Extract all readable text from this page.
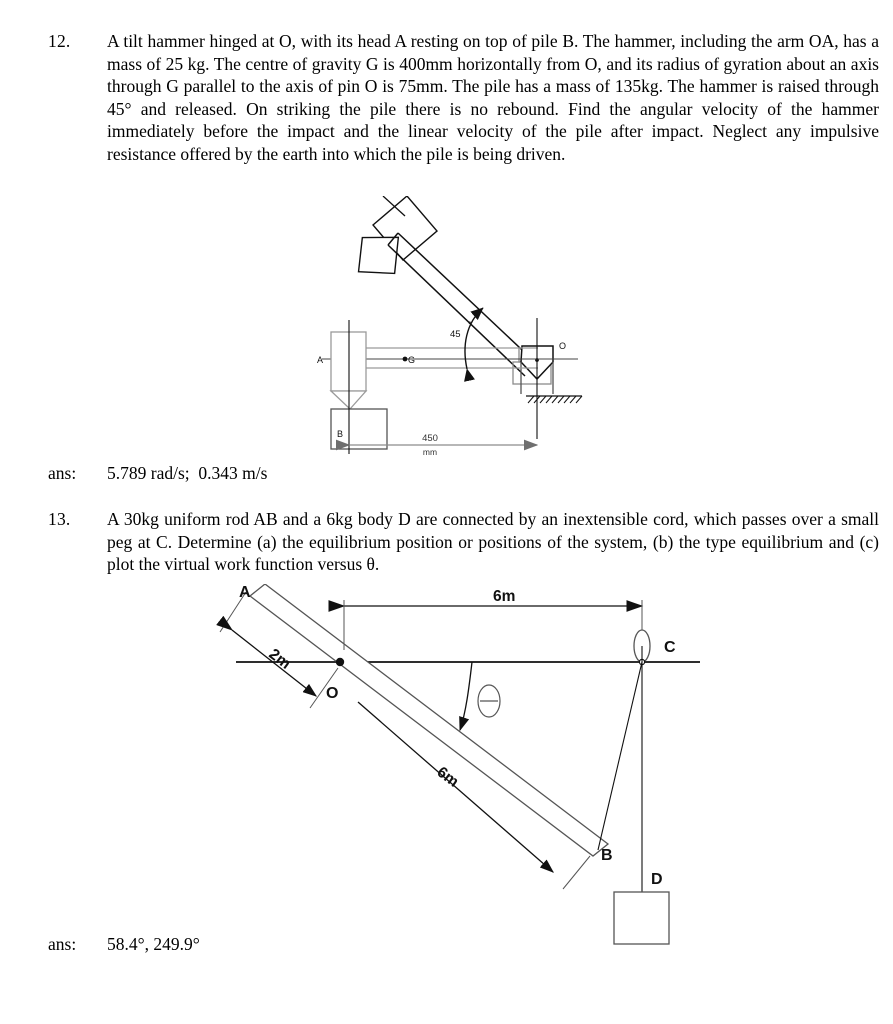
12. A tilt hammer hinged at O, with its head A resting on top of pile B. The hammer, including the arm OA, has a mass of 25 kg. The centre of gravity G is 400mm horizontally from O, and its radius of gyration about an axis through G parallel to the axis of pin O is 75mm. The pile has a mass of 135kg. The hammer is raised through 45° and released. On striking the pile there is no rebound. Find the angular velocity of the hammer immediately before the impact and the linear velocity of the pile after impact. Neglect any impulsive resistance offered by the earth into which the pile is being driven.

A
B
G
O
45
°
450
mm
ans: 5.789 rad/s;  0.343 m/s
13. A 30kg uniform rod AB and a 6kg body D are connected by an inextensible cord, which passes over a small peg at C. Determine (a) the equilibrium position or positions of the system, (b) the type equilibrium and (c) plot the virtual work function versus θ.

A
B
C
D
O
2m
6m
6m
ans: 58.4°, 249.9°
